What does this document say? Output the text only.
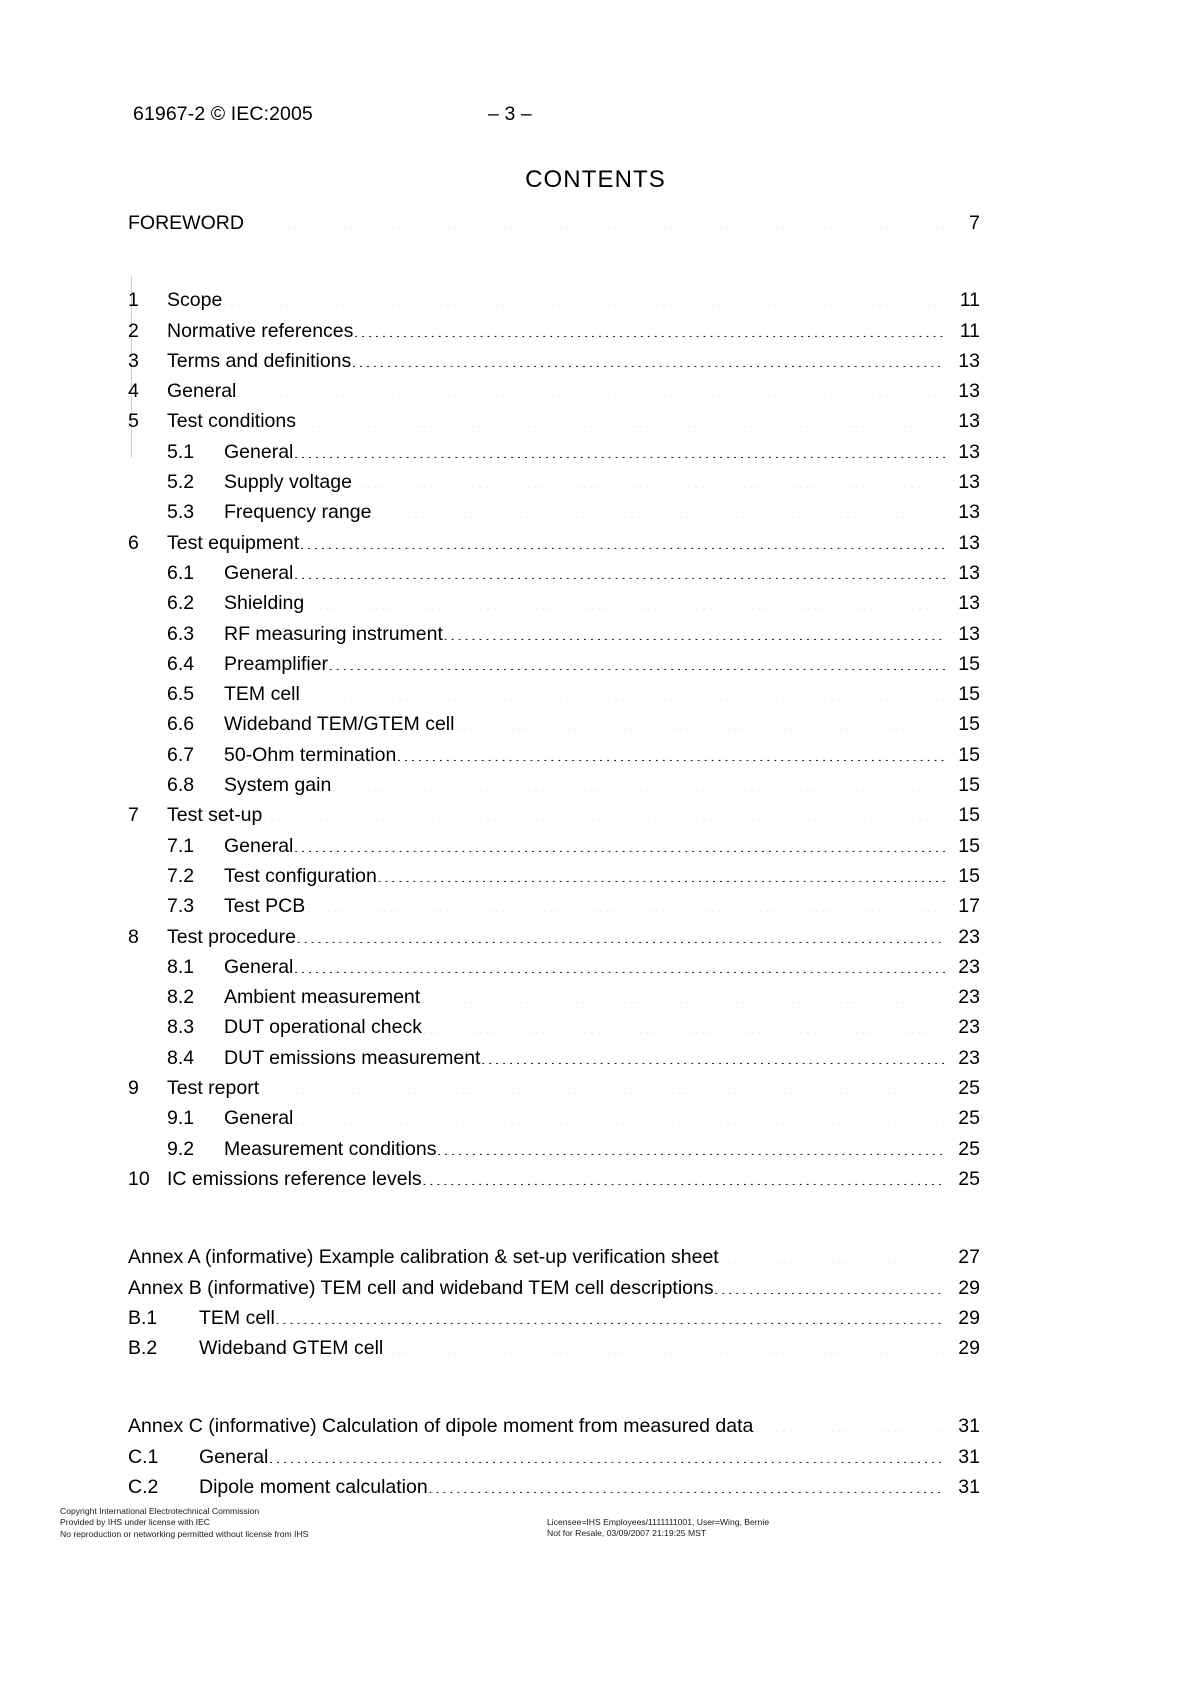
61967-2 © IEC:2005	– 3 –
CONTENTS
FOREWORD .....	7
1	Scope .....	11
2	Normative references .....	11
3	Terms and definitions .....	13
4	General .....	13
5	Test conditions .....	13
5.1	General .....	13
5.2	Supply voltage .....	13
5.3	Frequency range .....	13
6	Test equipment .....	13
6.1	General .....	13
6.2	Shielding .....	13
6.3	RF measuring instrument .....	13
6.4	Preamplifier .....	15
6.5	TEM cell .....	15
6.6	Wideband TEM/GTEM cell .....	15
6.7	50-Ohm termination .....	15
6.8	System gain .....	15
7	Test set-up .....	15
7.1	General .....	15
7.2	Test configuration .....	15
7.3	Test PCB .....	17
8	Test procedure .....	23
8.1	General .....	23
8.2	Ambient measurement .....	23
8.3	DUT operational check .....	23
8.4	DUT emissions measurement .....	23
9	Test report .....	25
9.1	General .....	25
9.2	Measurement conditions .....	25
10 IC emissions reference levels .....	25
Annex A (informative) Example calibration & set-up verification sheet .....	27
Annex B (informative) TEM cell and wideband TEM cell descriptions .....	29
B.1	TEM cell .....	29
B.2	Wideband GTEM cell .....	29
Annex C (informative) Calculation of dipole moment from measured data .....	31
C.1	General .....	31
C.2	Dipole moment calculation .....	31
Copyright International Electrotechnical Commission
Provided by IHS under license with IEC
No reproduction or networking permitted without license from IHS
Licensee=IHS Employees/1111111001, User=Wing, Bernie
Not for Resale, 03/09/2007 21:19:25 MST
